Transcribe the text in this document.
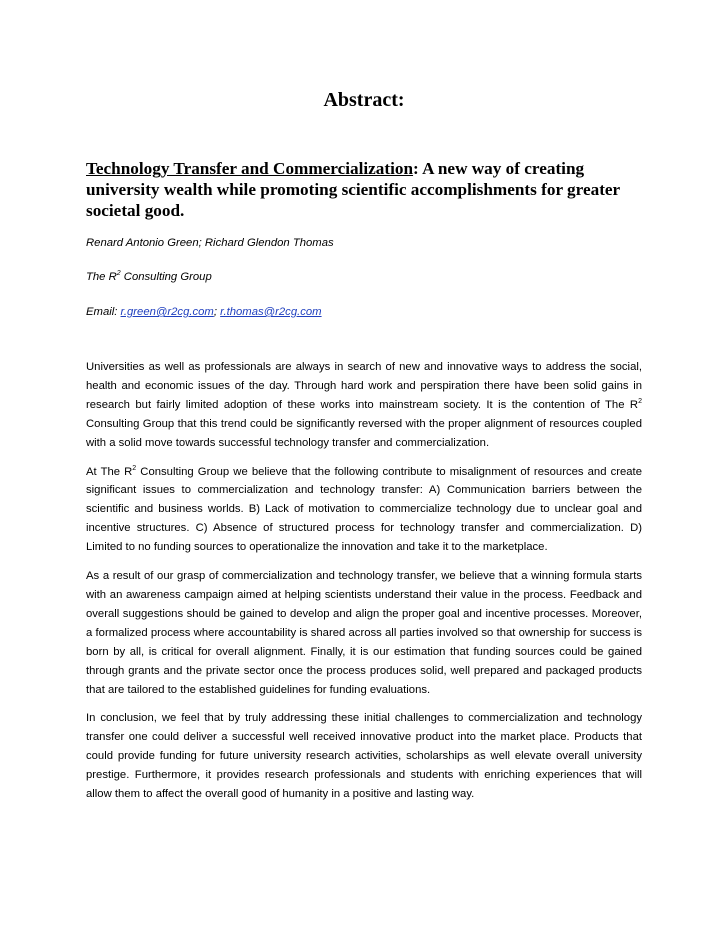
Abstract:
Technology Transfer and Commercialization: A new way of creating university wealth while promoting scientific accomplishments for greater societal good.
Renard Antonio Green; Richard Glendon Thomas
The $R^2$ Consulting Group
Email: r.green@r2cg.com; r.thomas@r2cg.com

Universities as well as professionals are always in search of new and innovative ways to address the social, health and economic issues of the day. Through hard work and perspiration there have been solid gains in research but fairly limited adoption of these works into mainstream society. It is the contention of The $R^2$ Consulting Group that this trend could be significantly reversed with the proper alignment of resources coupled with a solid move towards successful technology transfer and commercialization.

At The $R^2$ Consulting Group we believe that the following contribute to misalignment of resources and create significant issues to commercialization and technology transfer: A) Communication barriers between the scientific and business worlds. B) Lack of motivation to commercialize technology due to unclear goal and incentive structures. C) Absence of structured process for technology transfer and commercialization. D) Limited to no funding sources to operationalize the innovation and take it to the marketplace.

As a result of our grasp of commercialization and technology transfer, we believe that a winning formula starts with an awareness campaign aimed at helping scientists understand their value in the process. Feedback and overall suggestions should be gained to develop and align the proper goal and incentive processes. Moreover, a formalized process where accountability is shared across all parties involved so that ownership for success is born by all, is critical for overall alignment. Finally, it is our estimation that funding sources could be gained through grants and the private sector once the process produces solid, well prepared and packaged products that are tailored to the established guidelines for funding evaluations.

In conclusion, we feel that by truly addressing these initial challenges to commercialization and technology transfer one could deliver a successful well received innovative product into the market place. Products that could provide funding for future university research activities, scholarships as well elevate overall university prestige. Furthermore, it provides research professionals and students with enriching experiences that will allow them to affect the overall good of humanity in a positive and lasting way.
